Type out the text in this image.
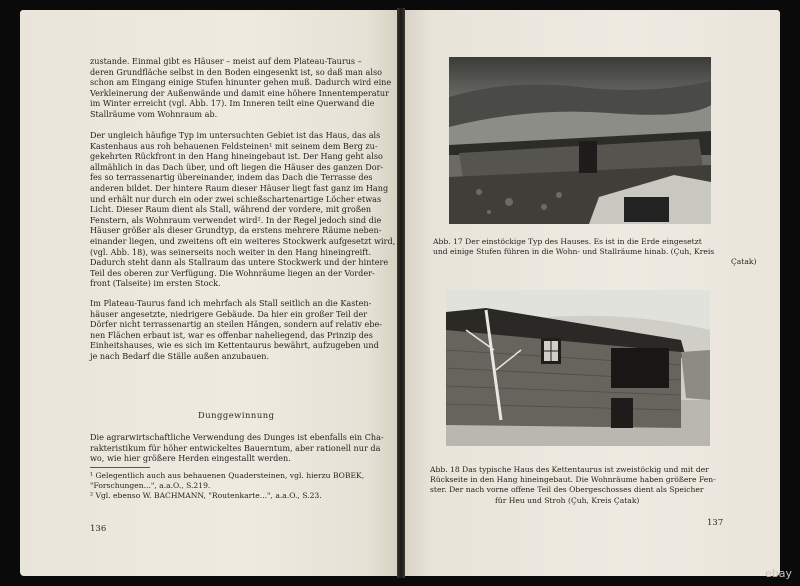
zustande. Einmal gibt es Häuser – meist auf dem Plateau-Taurus –
deren Grundfläche selbst in den Boden eingesenkt ist, so daß man also
schon am Eingang einige Stufen hinunter gehen muß. Dadurch wird eine
Verkleinerung der Außenwände und damit eine höhere Innentemperatur
im Winter erreicht (vgl. Abb. 17). Im Inneren teilt eine Querwand die
Stallräume vom Wohnraum ab.
Der ungleich häufige Typ im untersuchten Gebiet ist das Haus, das als
Kastenhaus aus roh behauenen Feldsteinen¹ mit seinem dem Berg zu-
gekehrten Rückfront in den Hang hineingebaut ist. Der Hang geht also
allmählich in das Dach über, und oft liegen die Häuser des ganzen Dor-
fes so terrassenartig übereinander, indem das Dach die Terrasse des
anderen bildet. Der hintere Raum dieser Häuser liegt fast ganz im Hang
und erhält nur durch ein oder zwei schießschartenartige Löcher etwas
Licht. Dieser Raum dient als Stall, während der vordere, mit großen
Fenstern, als Wohnraum verwendet wird². In der Regel jedoch sind die
Häuser größer als dieser Grundtyp, da erstens mehrere Räume neben-
einander liegen, und zweitens oft ein weiteres Stockwerk aufgesetzt wird,
(vgl. Abb. 18), was seinerseits noch weiter in den Hang hineingreift.
Dadurch steht dann als Stallraum das untere Stockwerk und der hintere
Teil des oberen zur Verfügung. Die Wohnräume liegen an der Vorder-
front (Talseite) im ersten Stock.
Im Plateau-Taurus fand ich mehrfach als Stall seitlich an die Kasten-
häuser angesetzte, niedrigere Gebäude. Da hier ein großer Teil der
Dörfer nicht terrassenartig an steilen Hängen, sondern auf relativ ebe-
nen Flächen erbaut ist, war es offenbar naheliegend, das Prinzip des
Einheitshauses, wie es sich im Kettentaurus bewährt, aufzugeben und
je nach Bedarf die Ställe außen anzubauen.
Dunggewinnung
Die agrarwirtschaftliche Verwendung des Dunges ist ebenfalls ein Cha-
rakteristikum für höher entwickeltes Bauerntum, aber rationell nur da
wo, wie hier größere Herden eingestallt werden.
¹ Gelegentlich auch aus behauenen Quadersteinen, vgl. hierzu BOBEK,
"Forschungen...", a.a.O., S.219.
² Vgl. ebenso W. BACHMANN, "Routenkarte...", a.a.O., S.23.
136
Abb. 17 Der einstöckige Typ des Hauses. Es ist in die Erde eingesetzt
und einige Stufen führen in die Wohn- und Stallräume hinab. (Çuh, Kreis
Çatak)
Abb. 18 Das typische Haus des Kettentaurus ist zweistöckig und mit der
Rückseite in den Hang hineingebaut. Die Wohnräume haben größere Fen-
ster. Der nach vorne offene Teil des Obergeschosses dient als Speicher
für Heu und Stroh (Çuh, Kreis Çatak)
137
ebay
